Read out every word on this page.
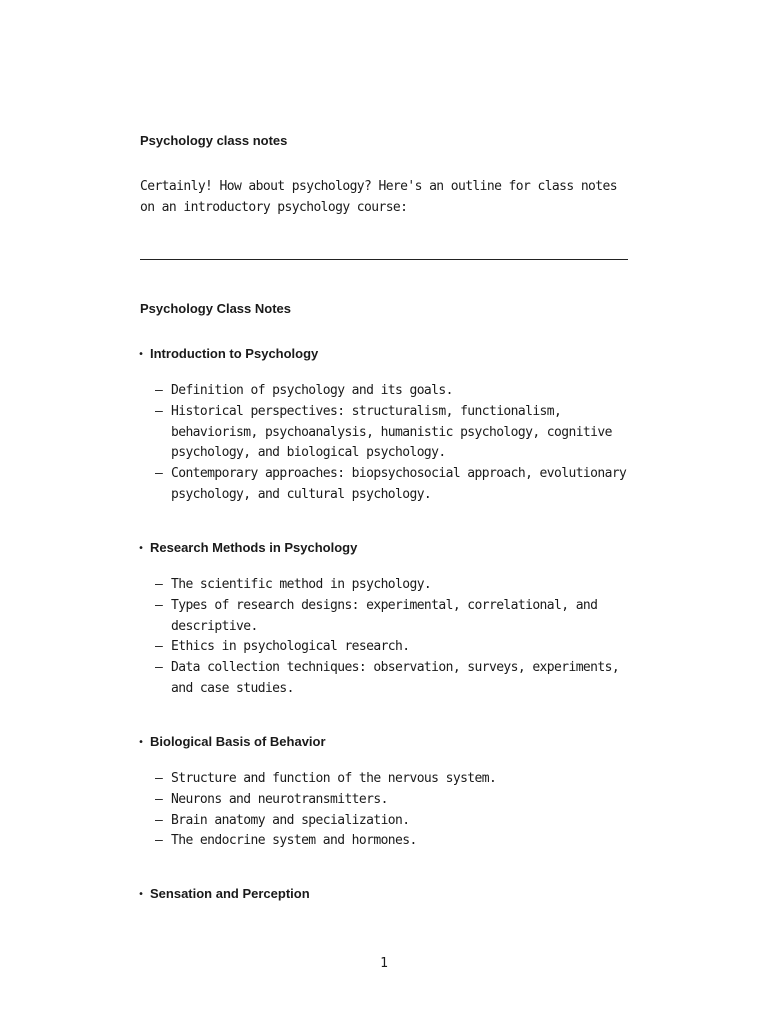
Psychology class notes

Certainly! How about psychology? Here's an outline for class notes on an introductory psychology course:

Psychology Class Notes
• Introduction to Psychology
– Definition of psychology and its goals.
– Historical perspectives: structuralism, functionalism, behaviorism, psychoanalysis, humanistic psychology, cognitive psychology, and biological psychology.
– Contemporary approaches: biopsychosocial approach, evolutionary psychology, and cultural psychology.
• Research Methods in Psychology
– The scientific method in psychology.
– Types of research designs: experimental, correlational, and descriptive.
– Ethics in psychological research.
– Data collection techniques: observation, surveys, experiments, and case studies.
• Biological Basis of Behavior
– Structure and function of the nervous system.
– Neurons and neurotransmitters.
– Brain anatomy and specialization.
– The endocrine system and hormones.
• Sensation and Perception
1
